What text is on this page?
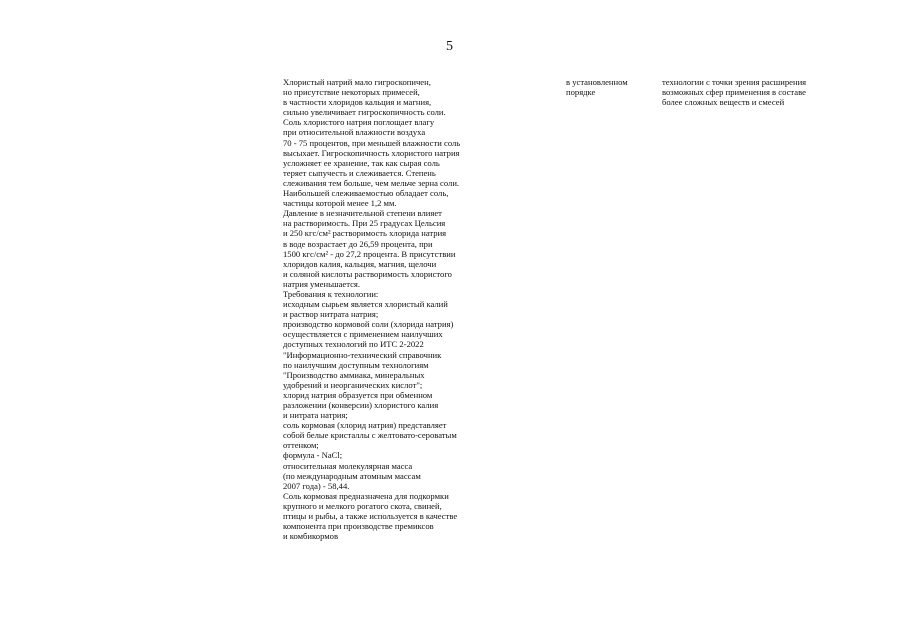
5
Хлористый натрий мало гигроскопичен,
но присутствие некоторых примесей,
в частности хлоридов кальция и магния,
сильно увеличивает гигроскопичность соли.
Соль хлористого натрия поглощает влагу
при относительной влажности воздуха
70 - 75 процентов, при меньшей влажности соль
высыхает. Гигроскопичность хлористого натрия
усложняет ее хранение, так как сырая соль
теряет сыпучесть и слеживается. Степень
слеживания тем больше, чем мельче зерна соли.
Наибольшей слеживаемостью обладает соль,
частицы которой менее 1,2 мм.
Давление в незначительной степени влияет
на растворимость. При 25 градусах Цельсия
и 250 кгс/см² растворимость хлорида натрия
в воде возрастает до 26,59 процента, при
1500 кгс/см² - до 27,2 процента. В присутствии
хлоридов калия, кальция, магния, щелочи
и соляной кислоты растворимость хлористого
натрия уменьшается.
Требования к технологии:
исходным сырьем является хлористый калий
и раствор нитрата натрия;
производство кормовой соли (хлорида натрия)
осуществляется с применением наилучших
доступных технологий по ИТС 2-2022
"Информационно-технический справочник
по наилучшим доступным технологиям
"Производство аммиака, минеральных
удобрений и неорганических кислот";
хлорид натрия образуется при обменном
разложении (конверсии) хлористого калия
и нитрата натрия;
соль кормовая (хлорид натрия) представляет
собой белые кристаллы с желтовато-сероватым
оттенком;
формула - NaCl;
относительная молекулярная масса
(по международным атомным массам
2007 года) - 58,44.
Соль кормовая предназначена для подкормки
крупного и мелкого рогатого скота, свиней,
птицы и рыбы, а также используется в качестве
компонента при производстве премиксов
и комбикормов
в установленном
порядке
технологии с точки зрения расширения
возможных сфер применения в составе
более сложных веществ и смесей
